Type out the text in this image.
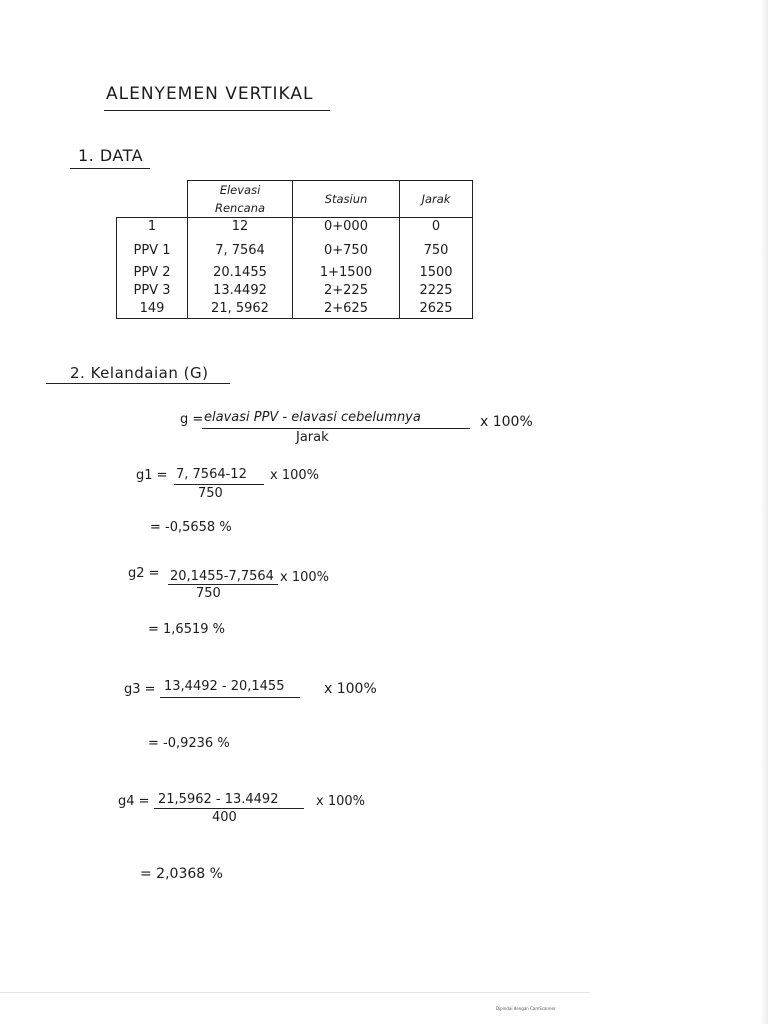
ALENYEMEN VERTIKAL
1. DATA
	Elevasi Rencana	Stasiun	Jarak
1	12	0+000	0
PPV 1	7, 7564	0+750	750
PPV 2	20.1455	1+1500	1500
PPV 3	13.4492	2+225	2225
149	21, 5962	2+625	2625
2. Kelandaian (G)
g = elavasi PPV - elavasi cebelumnya
Jarak
x 100%
g1 = 7, 7564-12
750
x 100%
= -0,5658 %
g2 = 20,1455-7,7564
750
x 100%
= 1,6519 %
g3 = 13,4492 - 20,1455	x 100%
= -0,9236 %
g4 = 21,5962 - 13.4492
400
x 100%
= 2,0368 %
Dipindai dengan CamScanner
